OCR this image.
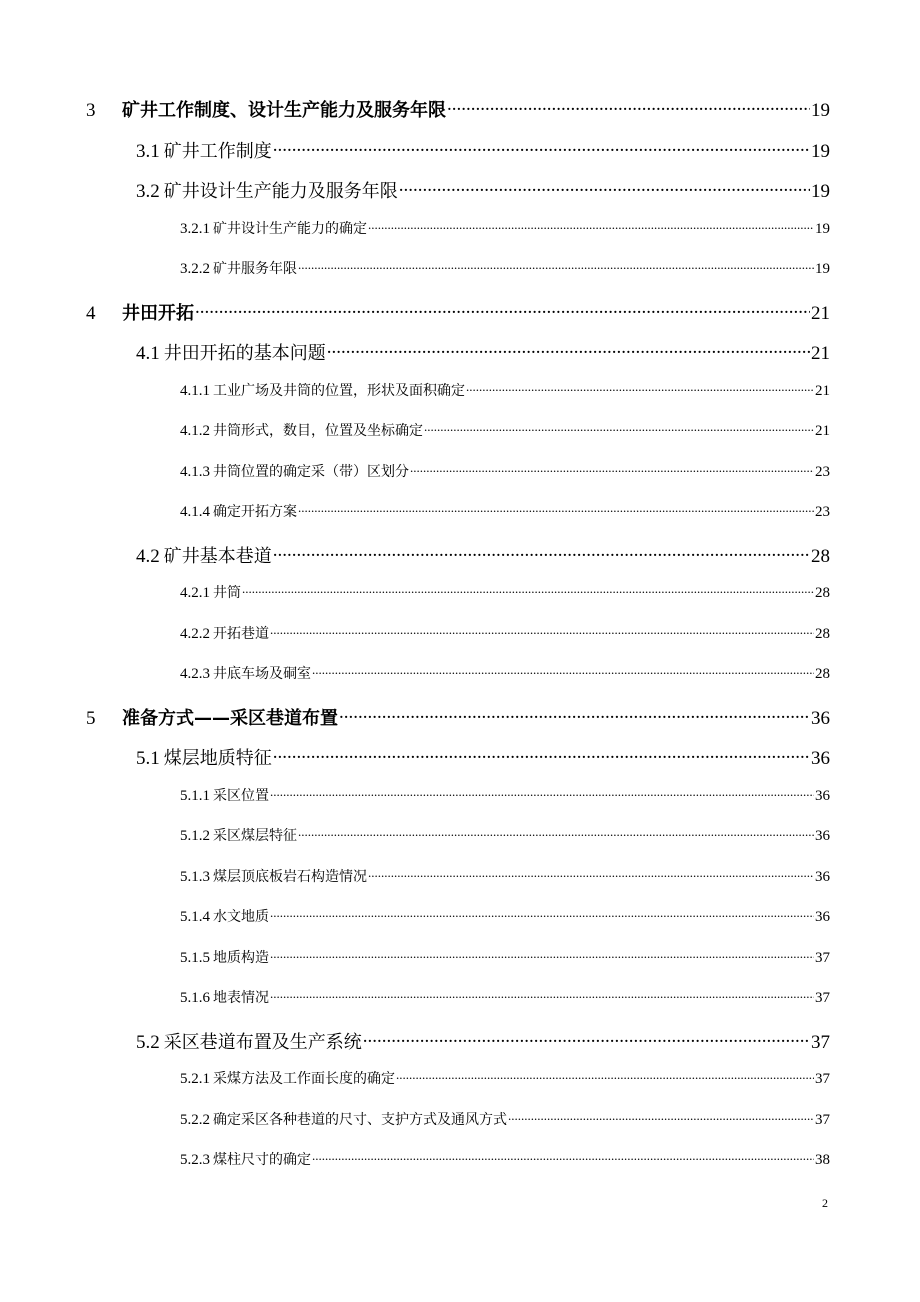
3	矿井工作制度、设计生产能力及服务年限 .....	19
3.1 矿井工作制度 .....	19
3.2 矿井设计生产能力及服务年限 .....	19
3.2.1 矿井设计生产能力的确定 .....	19
3.2.2 矿井服务年限 .....	19
4	井田开拓 .....	21
4.1 井田开拓的基本问题 .....	21
4.1.1 工业广场及井筒的位置，形状及面积确定 .....	21
4.1.2 井筒形式，数目，位置及坐标确定 .....	21
4.1.3 井筒位置的确定采（带）区划分 .....	23
4.1.4 确定开拓方案 .....	23
4.2 矿井基本巷道 .....	28
4.2.1 井筒 .....	28
4.2.2 开拓巷道 .....	28
4.2.3 井底车场及硐室 .....	28
5	准备方式——采区巷道布置 .....	36
5.1 煤层地质特征 .....	36
5.1.1 采区位置 .....	36
5.1.2 采区煤层特征 .....	36
5.1.3 煤层顶底板岩石构造情况 .....	36
5.1.4 水文地质 .....	36
5.1.5 地质构造 .....	37
5.1.6 地表情况 .....	37
5.2 采区巷道布置及生产系统 .....	37
5.2.1 采煤方法及工作面长度的确定 .....	37
5.2.2 确定采区各种巷道的尺寸、支护方式及通风方式 .....	37
5.2.3 煤柱尺寸的确定 .....	38
2
